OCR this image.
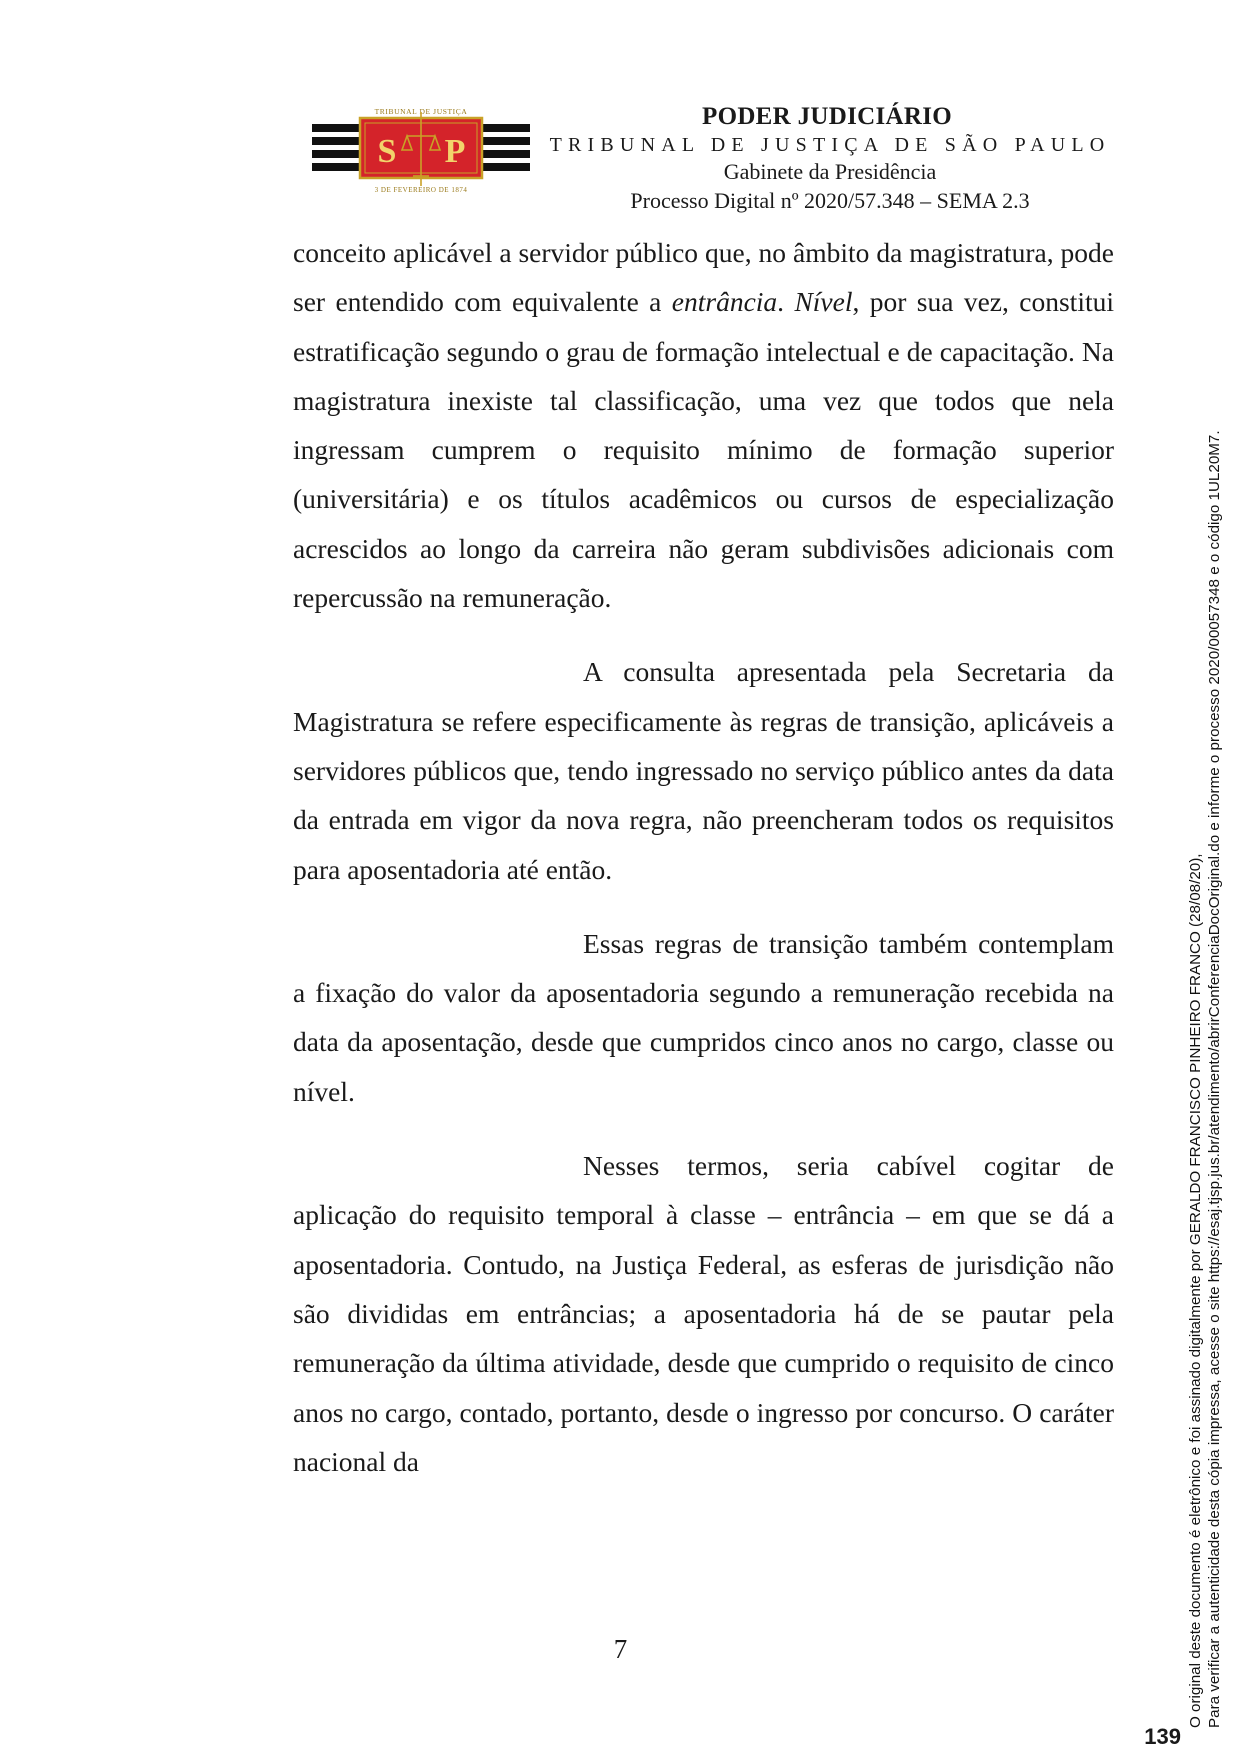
TRIBUNAL DE JUSTIÇA
S P
3 DE FEVEREIRO DE 1874
PODER JUDICIÁRIO
TRIBUNAL DE JUSTIÇA DE SÃO PAULO
Gabinete da Presidência
Processo Digital nº 2020/57.348 – SEMA 2.3

conceito aplicável a servidor público que, no âmbito da magistratura, pode ser entendido com equivalente a entrância. Nível, por sua vez, constitui estratificação segundo o grau de formação intelectual e de capacitação. Na magistratura inexiste tal classificação, uma vez que todos que nela ingressam cumprem o requisito mínimo de formação superior (universitária) e os títulos acadêmicos ou cursos de especialização acrescidos ao longo da carreira não geram subdivisões adicionais com repercussão na remuneração.

A consulta apresentada pela Secretaria da Magistratura se refere especificamente às regras de transição, aplicáveis a servidores públicos que, tendo ingressado no serviço público antes da data da entrada em vigor da nova regra, não preencheram todos os requisitos para aposentadoria até então.

Essas regras de transição também contemplam a fixação do valor da aposentadoria segundo a remuneração recebida na data da aposentação, desde que cumpridos cinco anos no cargo, classe ou nível.

Nesses termos, seria cabível cogitar de aplicação do requisito temporal à classe – entrância – em que se dá a aposentadoria. Contudo, na Justiça Federal, as esferas de jurisdição não são divididas em entrâncias; a aposentadoria há de se pautar pela remuneração da última atividade, desde que cumprido o requisito de cinco anos no cargo, contado, portanto, desde o ingresso por concurso. O caráter nacional da

7	O original deste documento é eletrônico e foi assinado digitalmente por GERALDO FRANCISCO PINHEIRO FRANCO (28/08/20), Para verificar a autenticidade desta cópia impressa, acesse o site https://esaj.tjsp.jus.br/atendimento/abrirConferenciaDocOriginal.do e informe o processo 2020/00057348 e o código 1UL20M7.
139
